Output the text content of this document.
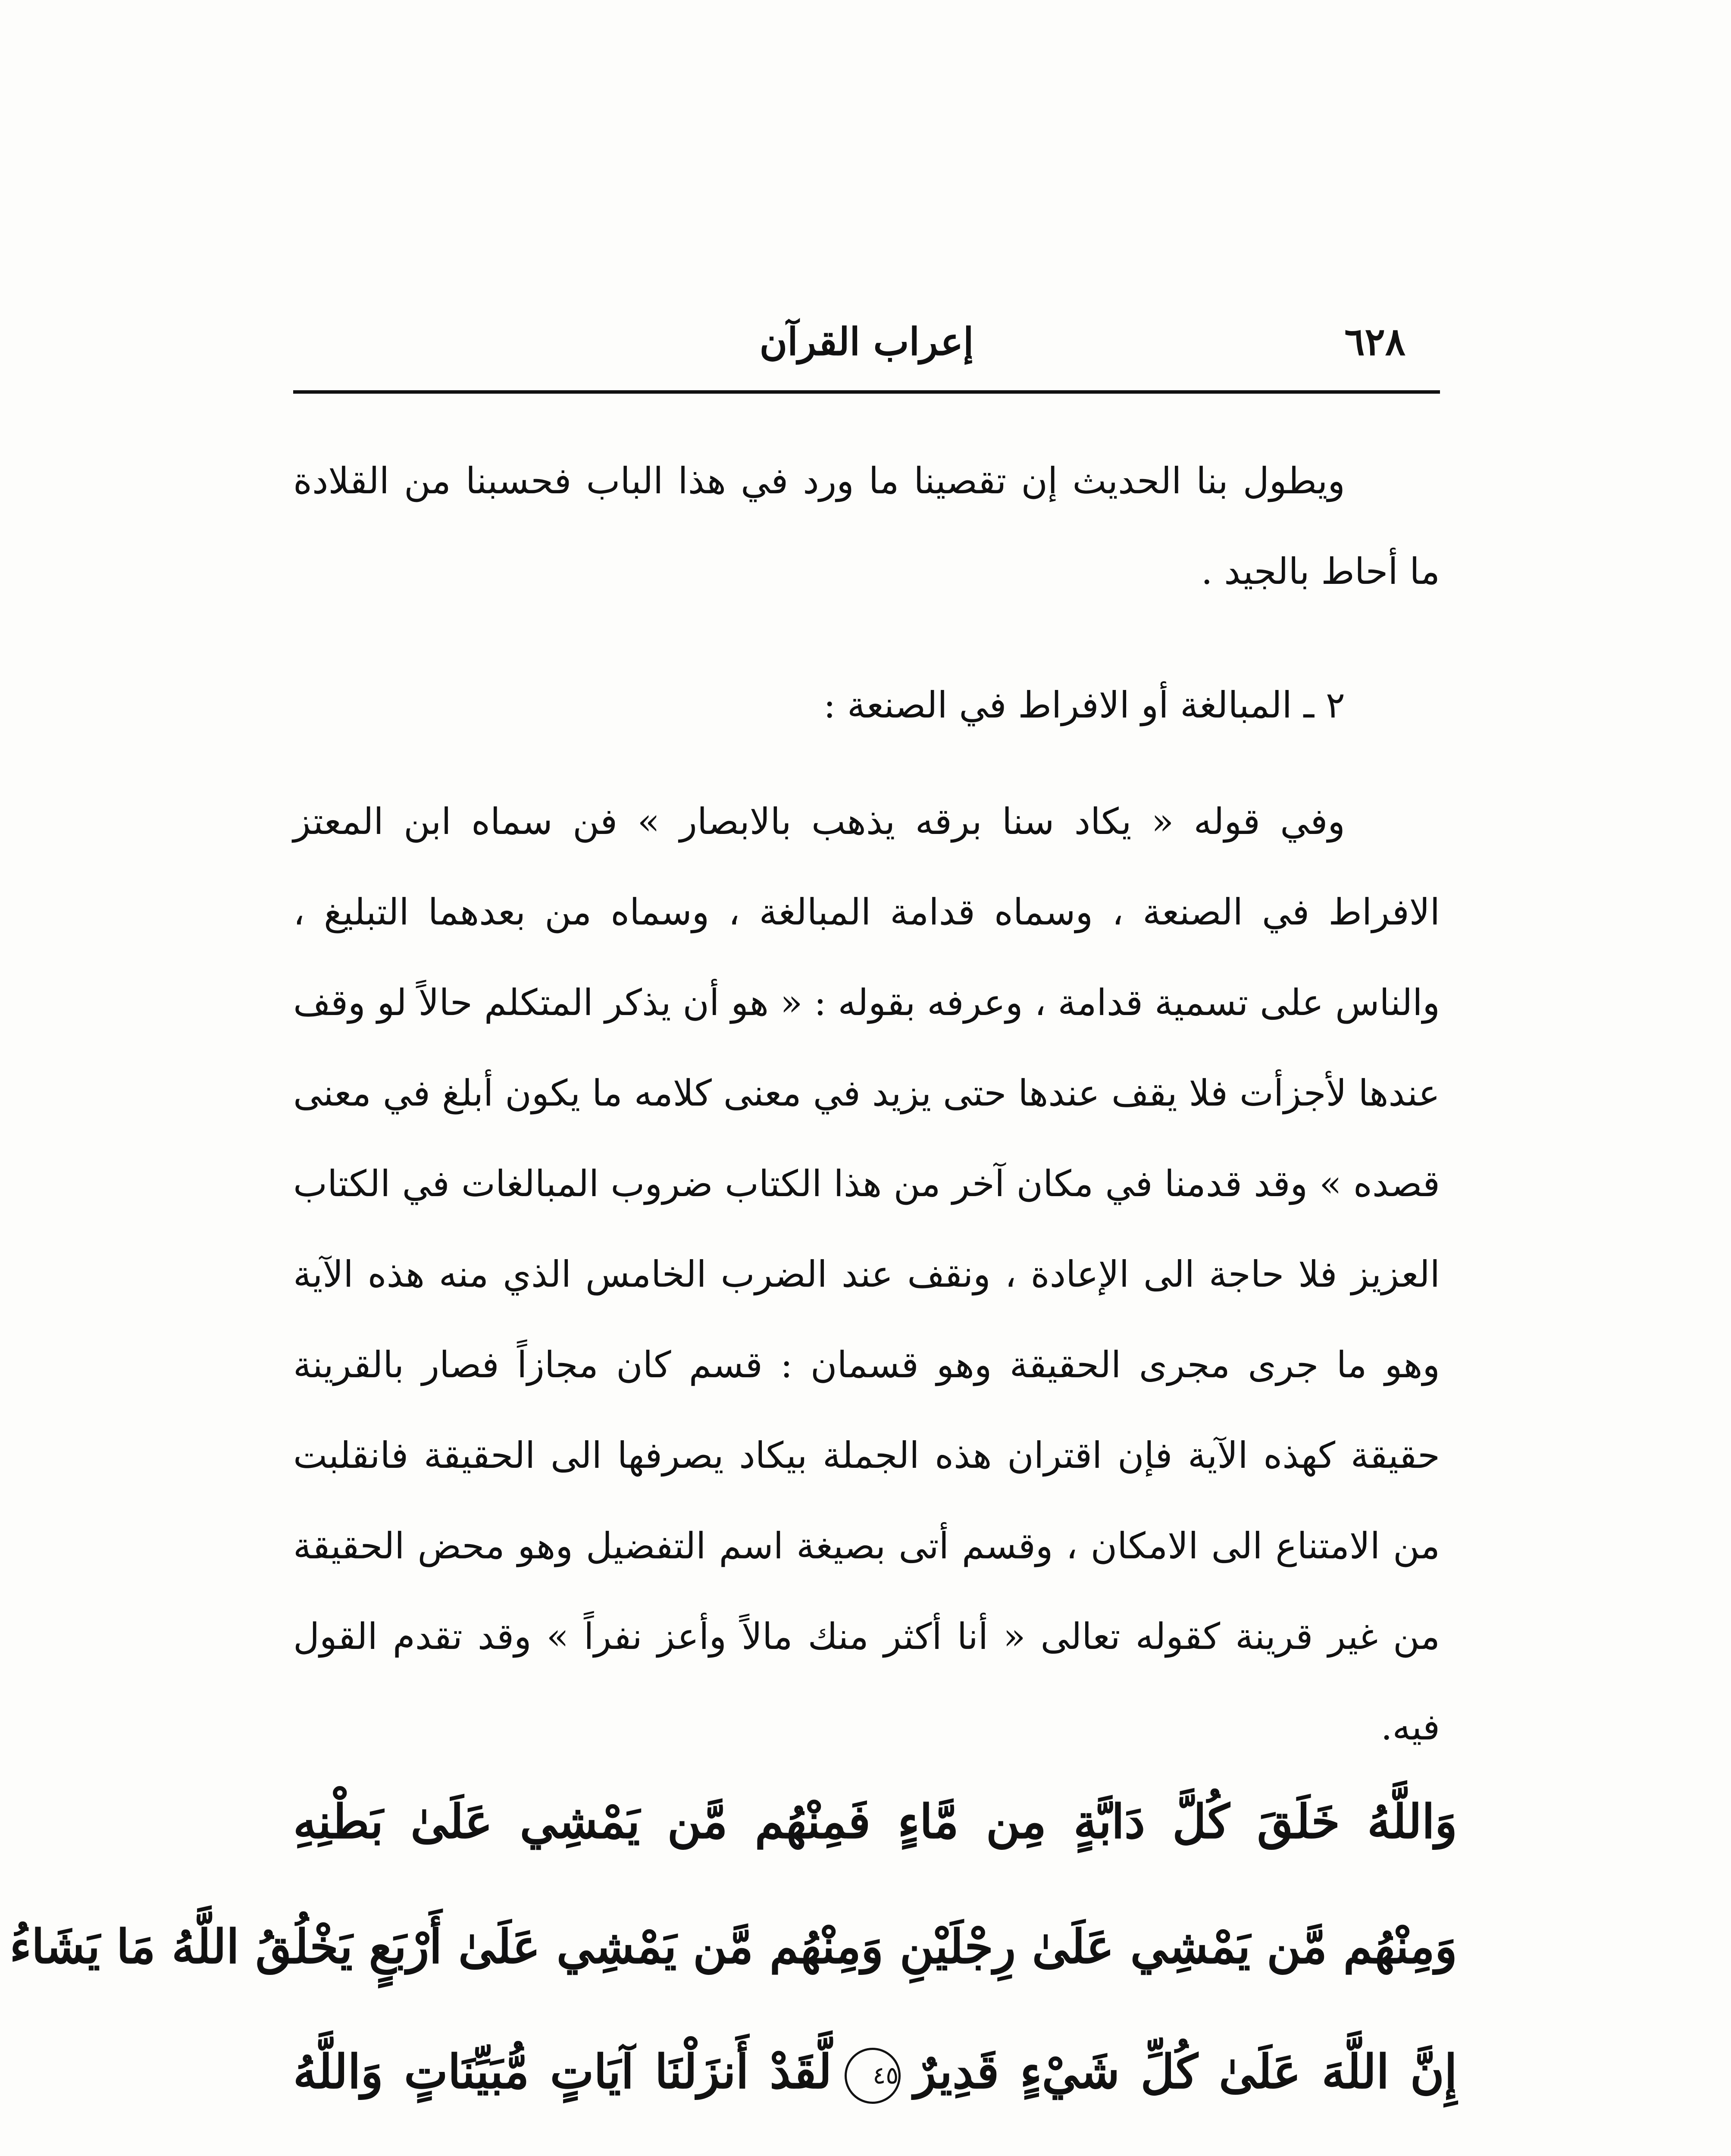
٦٢٨
إعراب القرآن

ويطول بنا الحديث إن تقصينا ما ورد في هذا الباب فحسبنا من القلادة ما أحاط بالجيد .

٢ ـ المبالغة أو الافراط في الصنعة :

وفي قوله « يكاد سنا برقه يذهب بالابصار » فن سماه ابن المعتز الافراط في الصنعة ، وسماه قدامة المبالغة ، وسماه من بعدهما التبليغ ، والناس على تسمية قدامة ، وعرفه بقوله : « هو أن يذكر المتكلم حالاً لو وقف عندها لأجزأت فلا يقف عندها حتى يزيد في معنى كلامه ما يكون أبلغ في معنى قصده » وقد قدمنا في مكان آخر من هذا الكتاب ضروب المبالغات في الكتاب العزيز فلا حاجة الى الإعادة ، ونقف عند الضرب الخامس الذي منه هذه الآية وهو ما جرى مجرى الحقيقة وهو قسمان : قسم كان مجازاً فصار بالقرينة حقيقة كهذه الآية فإن اقتران هذه الجملة بيكاد يصرفها الى الحقيقة فانقلبت من الامتناع الى الامكان ، وقسم أتى بصيغة اسم التفضيل وهو محض الحقيقة من غير قرينة كقوله تعالى « أنا أكثر منك مالاً وأعز نفراً » وقد تقدم القول فيه.

وَاللَّهُ خَلَقَ كُلَّ دَابَّةٍ مِن مَّاءٍ فَمِنْهُم مَّن يَمْشِي عَلَىٰ بَطْنِهِ
وَمِنْهُم مَّن يَمْشِي عَلَىٰ رِجْلَيْنِ وَمِنْهُم مَّن يَمْشِي عَلَىٰ أَرْبَعٍ يَخْلُقُ اللَّهُ مَا يَشَاءُ
إِنَّ اللَّهَ عَلَىٰ كُلِّ شَيْءٍ قَدِيرٌ٤٥لَّقَدْ أَنزَلْنَا آيَاتٍ مُّبَيِّنَاتٍ وَاللَّهُ
